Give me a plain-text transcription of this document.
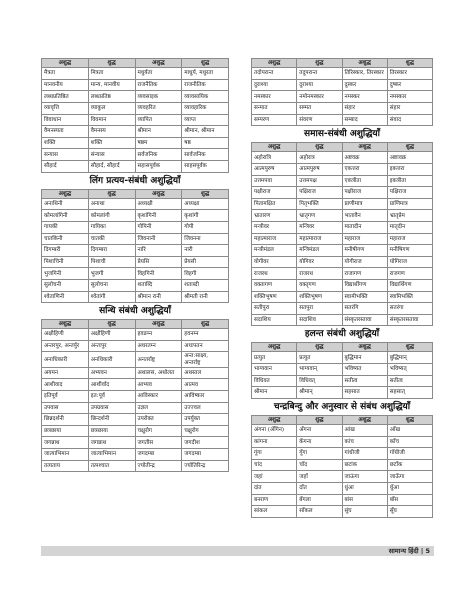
अशुद्ध	शुद्ध	अशुद्ध	शुद्ध
मैत्रता	मित्रता	मधुर्यता	माधुर्य, मधुरता
मानवनीय	मान्य, मानवीय	राजनैतिक	राजनीतिक
लब्धप्रतिष्ठित	लब्धप्रतिष्ठ	व्यवसाइक	व्यावसायिक
व्यावृत्ति	व्याकुल	व्यवहरित	व्यावहारिक
विवाधान	विवमान	व्यापित	व्याप्त
वैमनस्यता	वैमनस्य	श्रीमान	श्रीमान, श्रीमान
शक्ति	शक्ति	षष्ठम	षष्ठ
सन्यास	संन्यास	सर्वजनिक	सार्वजनिक
सौहार्द	सौहार्द, सौहार्द	सहासपूर्वक	साहसपूर्वक
लिंग प्रत्यय-संबंधी अशुद्धियाँ
अशुद्ध	शुद्ध	अशुद्ध	शुद्ध
अनाथिनी	अनाथा	अध्यक्षी	अध्यक्षा
कोमलांगिनी	कोमलांगी	कृशांगिनी	कृशांगी
गायकी	गायिका	गोपिनी	गोपी
चातकिनी	चातकी	जिवनानी	जिवनना
दिगम्बरी	दिगम्बरा	नारि	नारी
पिशाचिनी	पिशाची	प्रेयसि	प्रेयसी
भुजगिनी	भुजगी	विहगिनी	विहगी
सुलोचनी	सुलोचना	शताब्दि	शताब्दी
श्वेताणिनी	श्वेतांगी	श्रीमान रानी	श्रीमती रानी
सन्धि संबंधी अशुद्धियाँ
अशुद्ध	शुद्ध	अशुद्ध	शुद्ध
अक्षौहिणी	अक्षौहिणी	हवङम्न	हवनम्न
अन्तरपुर, अन्तर्पुर	अन्तःपुर	अधरतम्न	अधःपतन
अनाधिकारी	अनधिकारी	अनतर्राष्ट्र	अन्त:साक्ष्य, अन्तर्राष्ट्र
अयमन	अभ्यवन	अथालस, अथोलत	अथस्तल
आशीवाद	आशीर्वाद	आभ्यव	आत्मव
इतिपूर्व	इत:पूर्व	आविस्कार	आविष्कार
उपवास	उपग्रवास	उज्ञल	उज्ज्वल
छिन्नदर्शनी	छिन्दर्शनी	उपरोक्त	उपर्युक्त
छत्रछाया	छत्रछाया	चक्षुरोग	चक्षुरोग
जगन्नाथ	जगन्नाथ	जगतीस	जगदीश
जात्याभिमान	जात्याभिमान	जगदम्बा	जगदम्बा
तत्यताय	तत्पश्चात	ज्योतीन्द्र	ज्योतिरिन्द्र
अशुद्ध	शुद्ध	अशुद्ध	शुद्ध
तदोपरान्त	तदुपरान्त	तिरिस्कार, तिरस्कार	तिरस्कार
दुराश्या	दुराश्या	दुस्कर	दुष्कर
नमस्कार	नमोनमस्कार	नमस्कर	नमस्कार
सन्मात	सम्मत	संहार	संहार
सम्परण	संवरण	सम्बाद	संवाद
समास-संबंधी अशुद्धियाँ
अशुद्ध	शुद्ध	अशुद्ध	शुद्ध
अहोरात्रि	अहोरात्र	अष्टवक्र	अष्टावक्र
आत्मपुरुष	आत्मपुरुष	एकत्तरा	इकत्तरा
उत्तमपवा	उत्तमपक्ष	एकत्रीता	इकत्रीता
पक्षीराज	पक्षिराज	पक्षीराज	पक्षिराज
पितामक्षित	पितृभक्ति	प्राणीमात्र	प्राणिमात्र
भ्रातारण	भ्रातृगण	भातावैन	भ्रातृप्रेम
मन्त्रीवर	मन्त्रिवर	मातादीन	मातृदीन
महात्माराज	महात्माराज	महाराज	महाराज
मन्त्रीमंडल	मन्त्रिमंडल	मनीषीगण	मनीषिगण
योगीवर	योगिवर	योगीराज	योगिराज
राजरथ	राजरथ	राजागण	राजगण
वक्तागण	वक्तृगण	विद्यार्थीगण	विद्यार्थिगण
शक्तिभूषण	शक्तिभूषण	स्वामीभक्ति	स्वामिभक्ति
सतीपुरा	सतपुरा	सतरंगि	सतरंगा
सदाशिय	सदाशिव	संस्कृतरस्तावा	संस्कृतरसतावा
हलन्त संबंधी अशुद्धियाँ
अशुद्ध	शुद्ध	अशुद्ध	शुद्ध
प्रत्युत	प्रत्युत	बुद्धिमान	बुद्धिमान्
भाग्यवान	भाग्यवान्	भविष्यत	भविष्यत्
विधिवत	विधिवत्	सतीत्व	सतीत्व
श्रीमान	श्रीमान्	सहसात	सहसात्
चन्द्रबिन्दु और अनुस्वार से संबंध अशुद्धियाँ
अशुद्ध	शुद्ध	अशुद्ध	शुद्ध
अंगना (अँगिन)	अँगना	आंख	आँख
कांगना	कँगना	कांच	काँच
गूंगा	गूँगा	गांधीजी	गाँधीजी
चांद	चाँद	छटांक	छटाँक
जहां	जहाँ	जाऊंगा	जाऊँगा
दांत	दाँत	धुंआ	धुँआ
बनराण	बँगला	बांस	बाँस
सांकल	साँकल	सुंघ	सूँघ
सामान्य हिंदी | 5
